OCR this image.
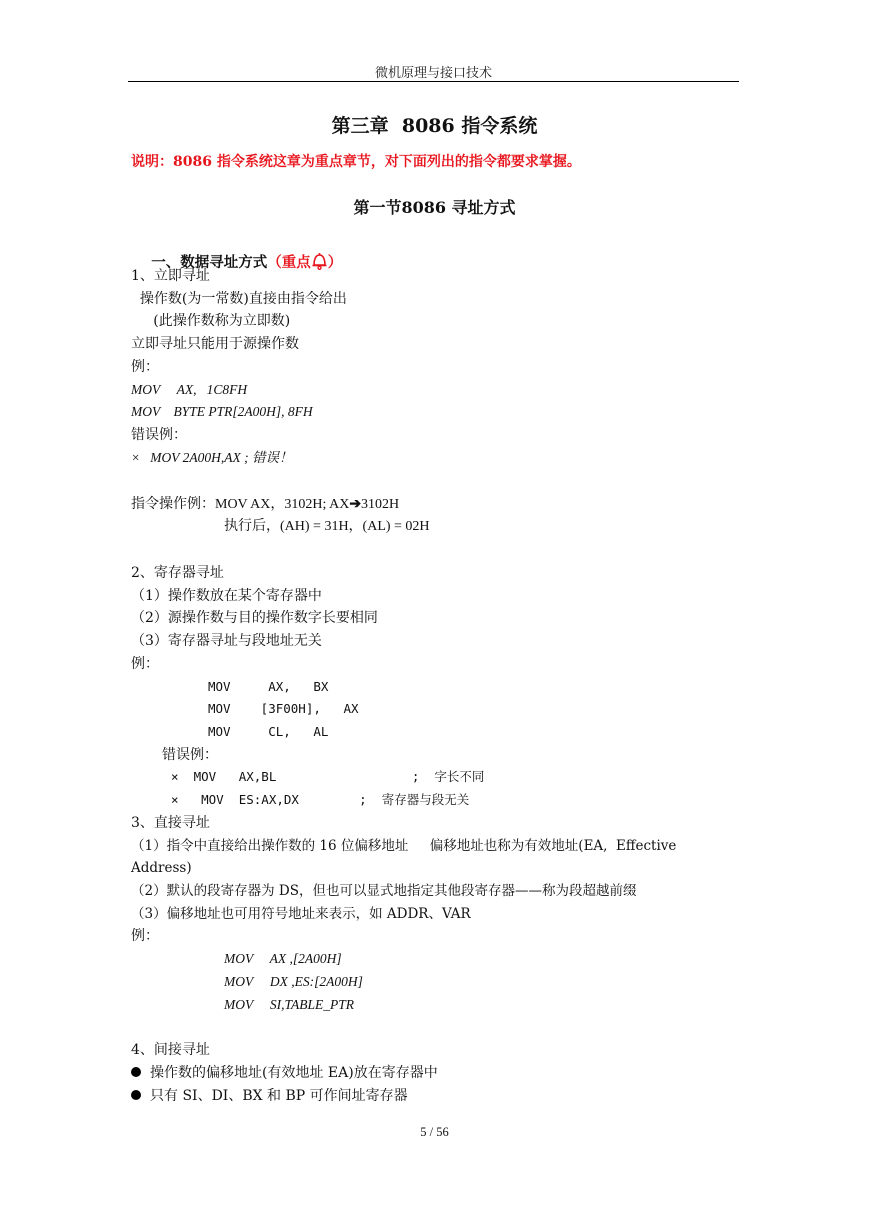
微机原理与接口技术
第三章  8086 指令系统
说明：8086 指令系统这章为重点章节，对下面列出的指令都要求掌握。
第一节8086 寻址方式

一、数据寻址方式（重点 ）

1、立即寻址
操作数(为一常数)直接由指令给出
(此操作数称为立即数)
立即寻址只能用于源操作数
例：
MOV     AX,   1C8FH
MOV    BYTE PTR[2A00H], 8FH
错误例：
×   MOV 2A00H,AX ; 错误！
指令操作例：MOV AX，3102H; AX➔3102H
执行后，(AH) = 31H，(AL) = 02H
2、寄存器寻址
（1）操作数放在某个寄存器中
（2）源操作数与目的操作数字长要相同
（3）寄存器寻址与段地址无关
例：
MOV     AX,   BX
MOV    [3F00H],   AX
MOV     CL,   AL
错误例：
×  MOV   AX,BL                  ;  字长不同
×   MOV  ES:AX,DX        ;  寄存器与段无关
3、直接寻址
（1）指令中直接给出操作数的 16 位偏移地址     偏移地址也称为有效地址(EA,  Effective
Address)
（2）默认的段寄存器为 DS，但也可以显式地指定其他段寄存器——称为段超越前缀
（3）偏移地址也可用符号地址来表示，如 ADDR、VAR
例：
MOV     AX ,[2A00H]
MOV     DX ,ES:[2A00H]
MOV     SI,TABLE_PTR
4、间接寻址
操作数的偏移地址(有效地址 EA)放在寄存器中
只有 SI、DI、BX 和 BP 可作间址寄存器
5 / 56
